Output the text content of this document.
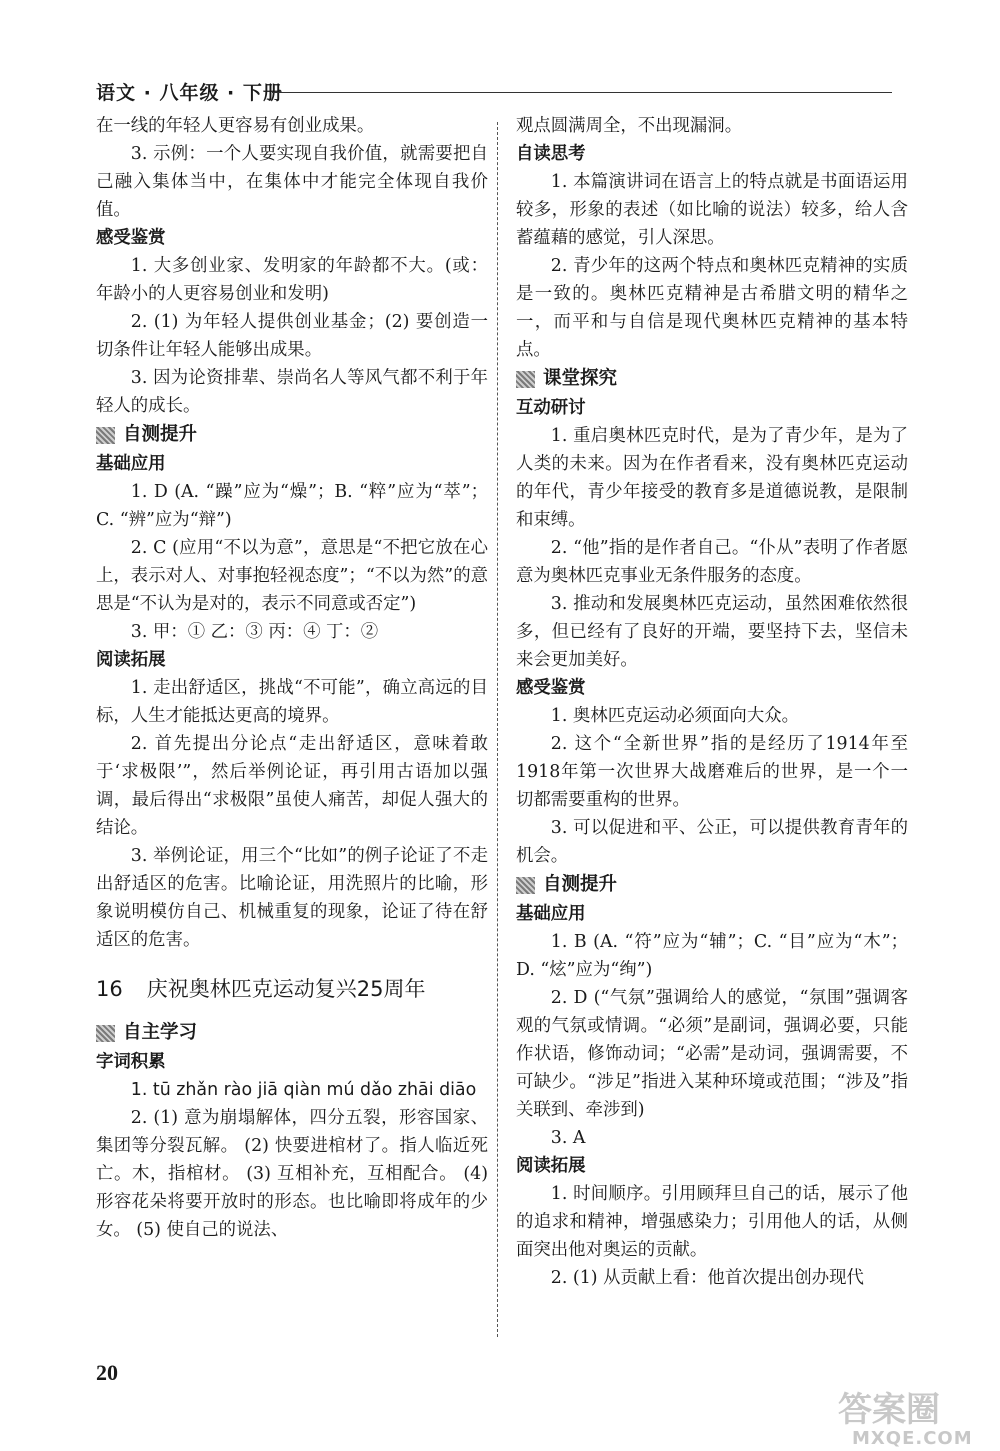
语文 · 八年级 · 下册

在一线的年轻人更容易有创业成果。

3. 示例：一个人要实现自我价值，就需要把自己融入集体当中，在集体中才能完全体现自我价值。

感受鉴赏

1. 大多创业家、发明家的年龄都不大。(或：年龄小的人更容易创业和发明)

2. (1) 为年轻人提供创业基金；(2) 要创造一切条件让年轻人能够出成果。

3. 因为论资排辈、崇尚名人等风气都不利于年轻人的成长。

自测提升
基础应用

1. D (A. “躁”应为“燥”；B. “粹”应为“萃”；C. “辨”应为“辩”)

2. C (应用“不以为意”，意思是“不把它放在心上，表示对人、对事抱轻视态度”；“不以为然”的意思是“不认为是对的，表示不同意或否定”)

3. 甲：① 乙：③ 丙：④ 丁：②

阅读拓展

1. 走出舒适区，挑战“不可能”，确立高远的目标，人生才能抵达更高的境界。

2. 首先提出分论点“走出舒适区，意味着敢于‘求极限’”，然后举例论证，再引用古语加以强调，最后得出“求极限”虽使人痛苦，却促人强大的结论。

3. 举例论证，用三个“比如”的例子论证了不走出舒适区的危害。比喻论证，用洗照片的比喻，形象说明模仿自己、机械重复的现象，论证了待在舒适区的危害。

16 庆祝奥林匹克运动复兴25周年
自主学习
字词积累

1. tū zhǎn rào jiā qiàn mú dǎo zhāi diāo

2. (1) 意为崩塌解体，四分五裂，形容国家、集团等分裂瓦解。 (2) 快要进棺材了。指人临近死亡。木，指棺材。 (3) 互相补充，互相配合。 (4) 形容花朵将要开放时的形态。也比喻即将成年的少女。 (5) 使自己的说法、

观点圆满周全，不出现漏洞。

自读思考

1. 本篇演讲词在语言上的特点就是书面语运用较多，形象的表述（如比喻的说法）较多，给人含蓄蕴藉的感觉，引人深思。

2. 青少年的这两个特点和奥林匹克精神的实质是一致的。奥林匹克精神是古希腊文明的精华之一，而平和与自信是现代奥林匹克精神的基本特点。

课堂探究
互动研讨

1. 重启奥林匹克时代，是为了青少年，是为了人类的未来。因为在作者看来，没有奥林匹克运动的年代，青少年接受的教育多是道德说教，是限制和束缚。

2. “他”指的是作者自己。“仆从”表明了作者愿意为奥林匹克事业无条件服务的态度。

3. 推动和发展奥林匹克运动，虽然困难依然很多，但已经有了良好的开端，要坚持下去，坚信未来会更加美好。

感受鉴赏

1. 奥林匹克运动必须面向大众。

2. 这个“全新世界”指的是经历了1914年至1918年第一次世界大战磨难后的世界，是一个一切都需要重构的世界。

3. 可以促进和平、公正，可以提供教育青年的机会。

自测提升
基础应用

1. B (A. “符”应为“辅”；C. “目”应为“木”；D. “炫”应为“绚”)

2. D (“气氛”强调给人的感觉，“氛围”强调客观的气氛或情调。“必须”是副词，强调必要，只能作状语，修饰动词；“必需”是动词，强调需要，不可缺少。“涉足”指进入某种环境或范围；“涉及”指关联到、牵涉到)

3. A

阅读拓展

1. 时间顺序。引用顾拜旦自己的话，展示了他的追求和精神，增强感染力；引用他人的话，从侧面突出他对奥运的贡献。

2. (1) 从贡献上看：他首次提出创办现代

20
答案圈
MXQE.COM
